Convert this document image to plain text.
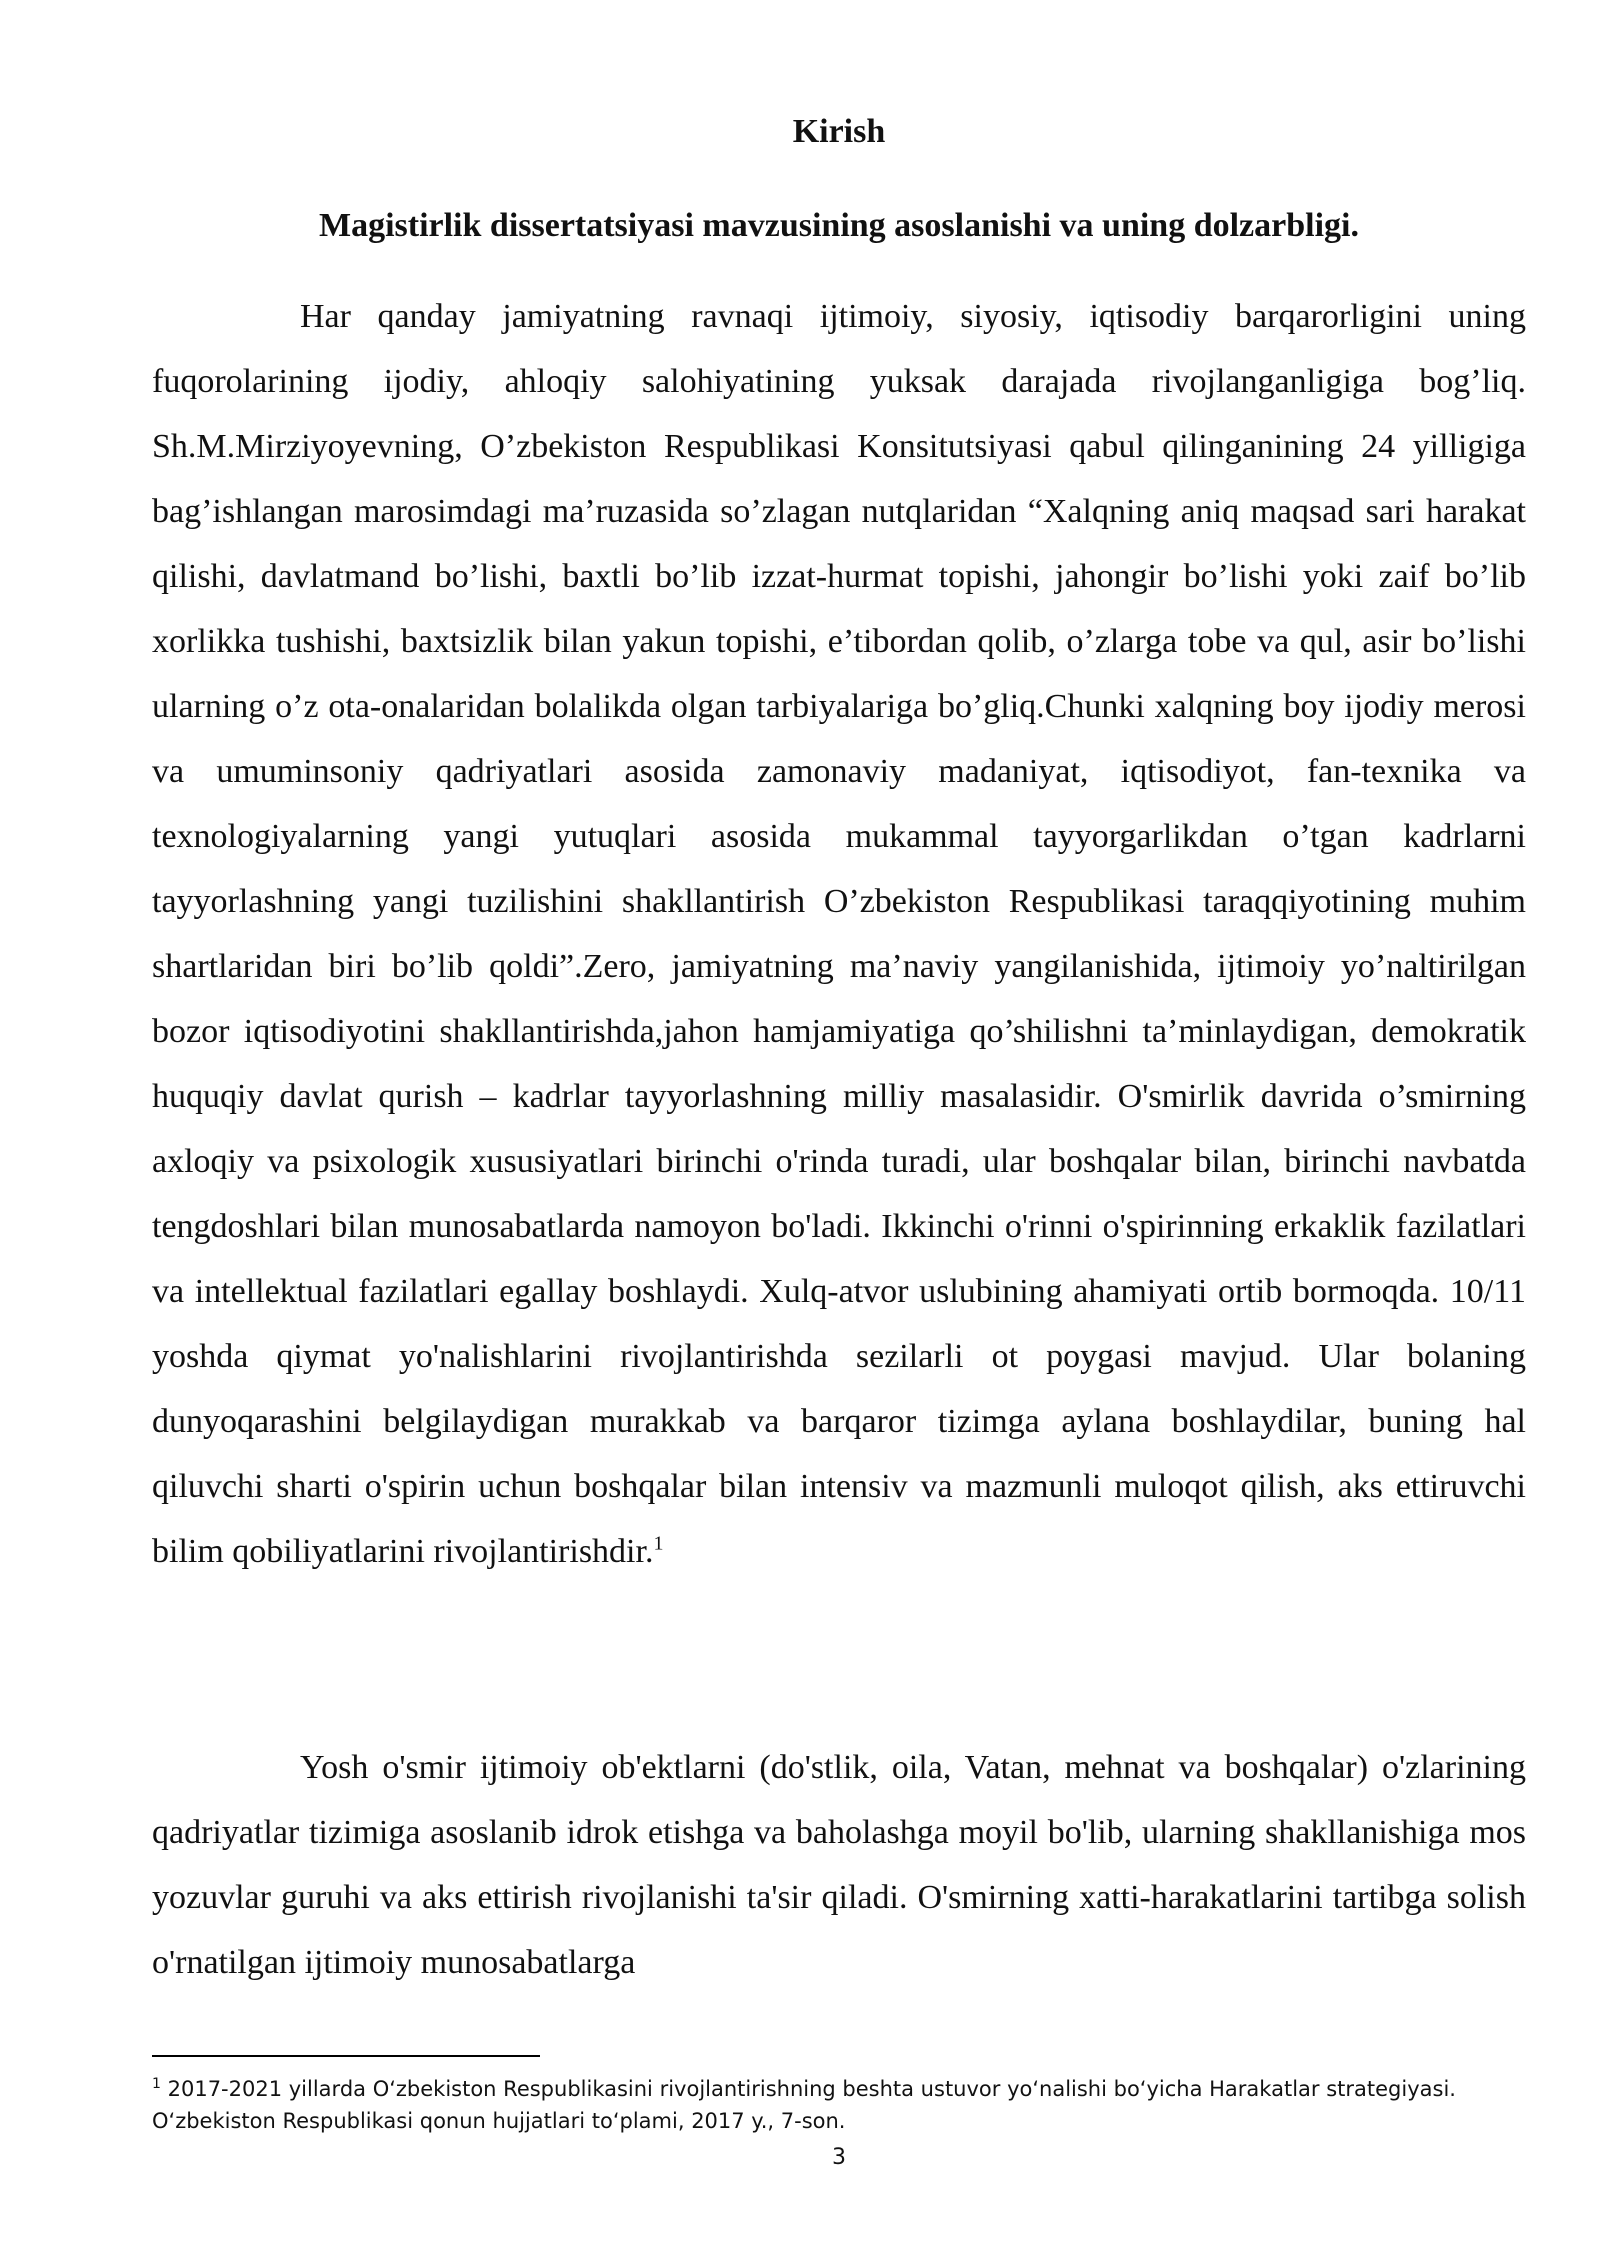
Kirish
Magistirlik dissertatsiyasi mavzusining asoslanishi va uning dolzarbligi.

Har qanday jamiyatning ravnaqi ijtimoiy, siyosiy, iqtisodiy barqarorligini uning fuqorolarining ijodiy, ahloqiy salohiyatining yuksak darajada rivojlanganligiga bog’liq. Sh.M.Mirziyoyevning, O’zbekiston Respublikasi Konsitutsiyasi qabul qilinganining 24 yilligiga bag’ishlangan marosimdagi ma’ruzasida so’zlagan nutqlaridan “Xalqning aniq maqsad sari harakat qilishi, davlatmand bo’lishi, baxtli bo’lib izzat-hurmat topishi, jahongir bo’lishi yoki zaif bo’lib xorlikka tushishi, baxtsizlik bilan yakun topishi, e’tibordan qolib, o’zlarga tobe va qul, asir bo’lishi ularning o’z ota-onalaridan bolalikda olgan tarbiyalariga bo’gliq.Chunki xalqning boy ijodiy merosi va umuminsoniy qadriyatlari asosida zamonaviy madaniyat, iqtisodiyot, fan-texnika va texnologiyalarning yangi yutuqlari asosida mukammal tayyorgarlikdan o’tgan kadrlarni tayyorlashning yangi tuzilishini shakllantirish O’zbekiston Respublikasi taraqqiyotining muhim shartlaridan biri bo’lib qoldi”.Zero, jamiyatning ma’naviy yangilanishida, ijtimoiy yo’naltirilgan bozor iqtisodiyotini shakllantirishda,jahon hamjamiyatiga qo’shilishni ta’minlaydigan, demokratik huquqiy davlat qurish – kadrlar tayyorlashning milliy masalasidir. O'smirlik davrida o’smirning axloqiy va psixologik xususiyatlari birinchi o'rinda turadi, ular boshqalar bilan, birinchi navbatda tengdoshlari bilan munosabatlarda namoyon bo'ladi. Ikkinchi o'rinni o'spirinning erkaklik fazilatlari va intellektual fazilatlari egallay boshlaydi. Xulq-atvor uslubining ahamiyati ortib bormoqda. 10/11 yoshda qiymat yo'nalishlarini rivojlantirishda sezilarli ot poygasi mavjud. Ular bolaning dunyoqarashini belgilaydigan murakkab va barqaror tizimga aylana boshlaydilar, buning hal qiluvchi sharti o'spirin uchun boshqalar bilan intensiv va mazmunli muloqot qilish, aks ettiruvchi bilim qobiliyatlarini rivojlantirishdir.$^1$

Yosh o'smir ijtimoiy ob'ektlarni (do'stlik, oila, Vatan, mehnat va boshqalar) o'zlarining qadriyatlar tizimiga asoslanib idrok etishga va baholashga moyil bo'lib, ularning shakllanishiga mos yozuvlar guruhi va aks ettirish rivojlanishi ta'sir qiladi. O'smirning xatti-harakatlarini tartibga solish o'rnatilgan ijtimoiy munosabatlarga

$^1$ 2017-2021 yillarda O‘zbekiston Respublikasini rivojlantirishning beshta ustuvor yo‘nalishi bo‘yicha Harakatlar strategiyasi. O‘zbekiston Respublikasi qonun hujjatlari to‘plami, 2017 y., 7-son.

3
